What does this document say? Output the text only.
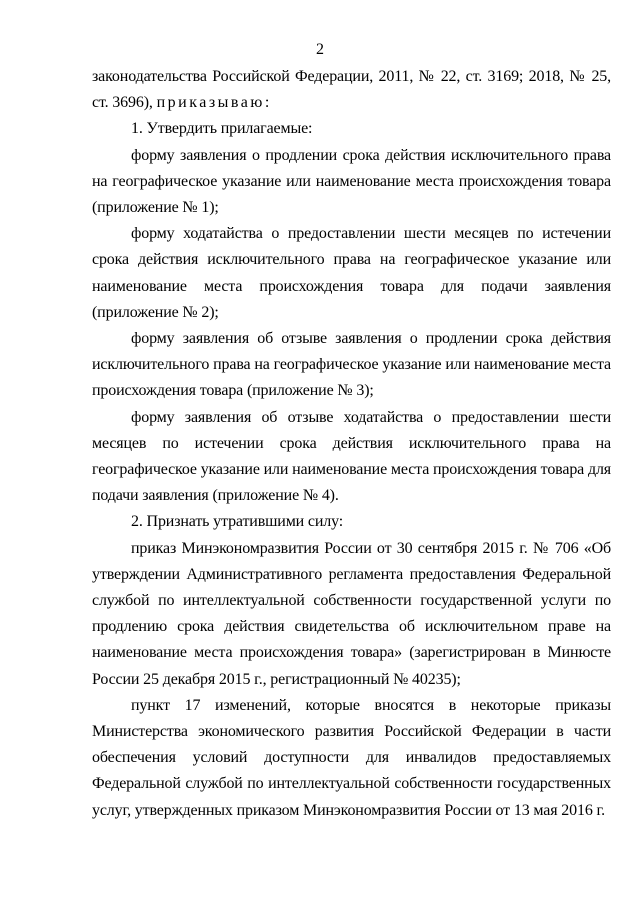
2

законодательства Российской Федерации, 2011, № 22, ст. 3169; 2018, № 25, ст. 3696), приказываю:

1. Утвердить прилагаемые:

форму заявления о продлении срока действия исключительного права на географическое указание или наименование места происхождения товара (приложение № 1);

форму ходатайства о предоставлении шести месяцев по истечении срока действия исключительного права на географическое указание или наименование места происхождения товара для подачи заявления (приложение № 2);

форму заявления об отзыве заявления о продлении срока действия исключительного права на географическое указание или наименование места происхождения товара (приложение № 3);

форму заявления об отзыве ходатайства о предоставлении шести месяцев по истечении срока действия исключительного права на географическое указание или наименование места происхождения товара для подачи заявления (приложение № 4).

2. Признать утратившими силу:

приказ Минэкономразвития России от 30 сентября 2015 г. № 706 «Об утверждении Административного регламента предоставления Федеральной службой по интеллектуальной собственности государственной услуги по продлению срока действия свидетельства об исключительном праве на наименование места происхождения товара» (зарегистрирован в Минюсте России 25 декабря 2015 г., регистрационный № 40235);

пункт 17 изменений, которые вносятся в некоторые приказы Министерства экономического развития Российской Федерации в части обеспечения условий доступности для инвалидов предоставляемых Федеральной службой по интеллектуальной собственности государственных услуг, утвержденных приказом Минэкономразвития России от 13 мая 2016 г.
